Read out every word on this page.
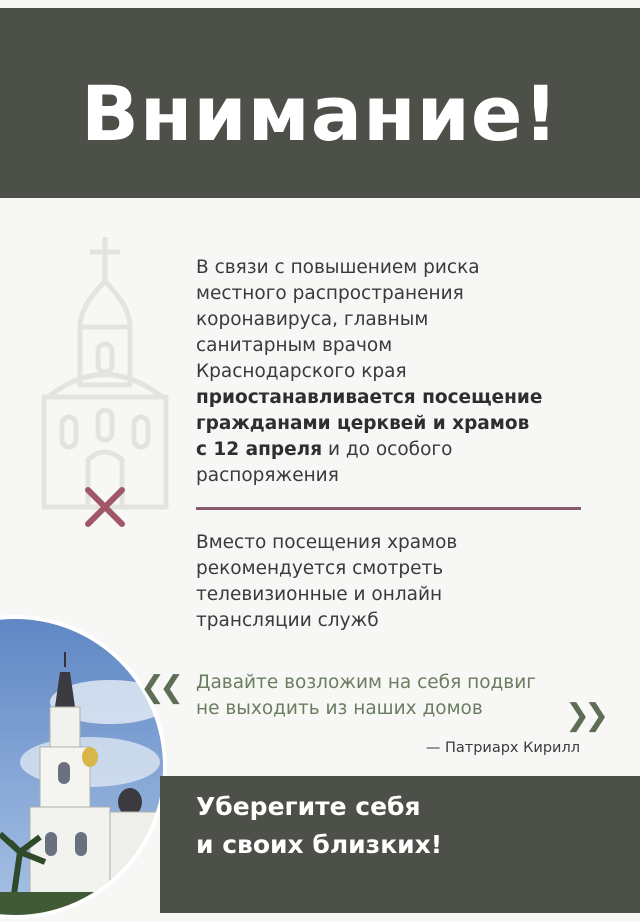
Внимание!
В связи с повышением риска
местного распространения
коронавируса, главным
санитарным врачом
Краснодарского края
приостанавливается посещение
гражданами церквей и храмов
с 12 апреля и до особого
распоряжения
Вместо посещения храмов
рекомендуется смотреть
телевизионные и онлайн
трансляции служб
❮❮ Давайте возложим на себя подвиг
не выходить из наших домов	❯❯
— Патриарх Кирилл
Уберегите себя
и своих близких!
